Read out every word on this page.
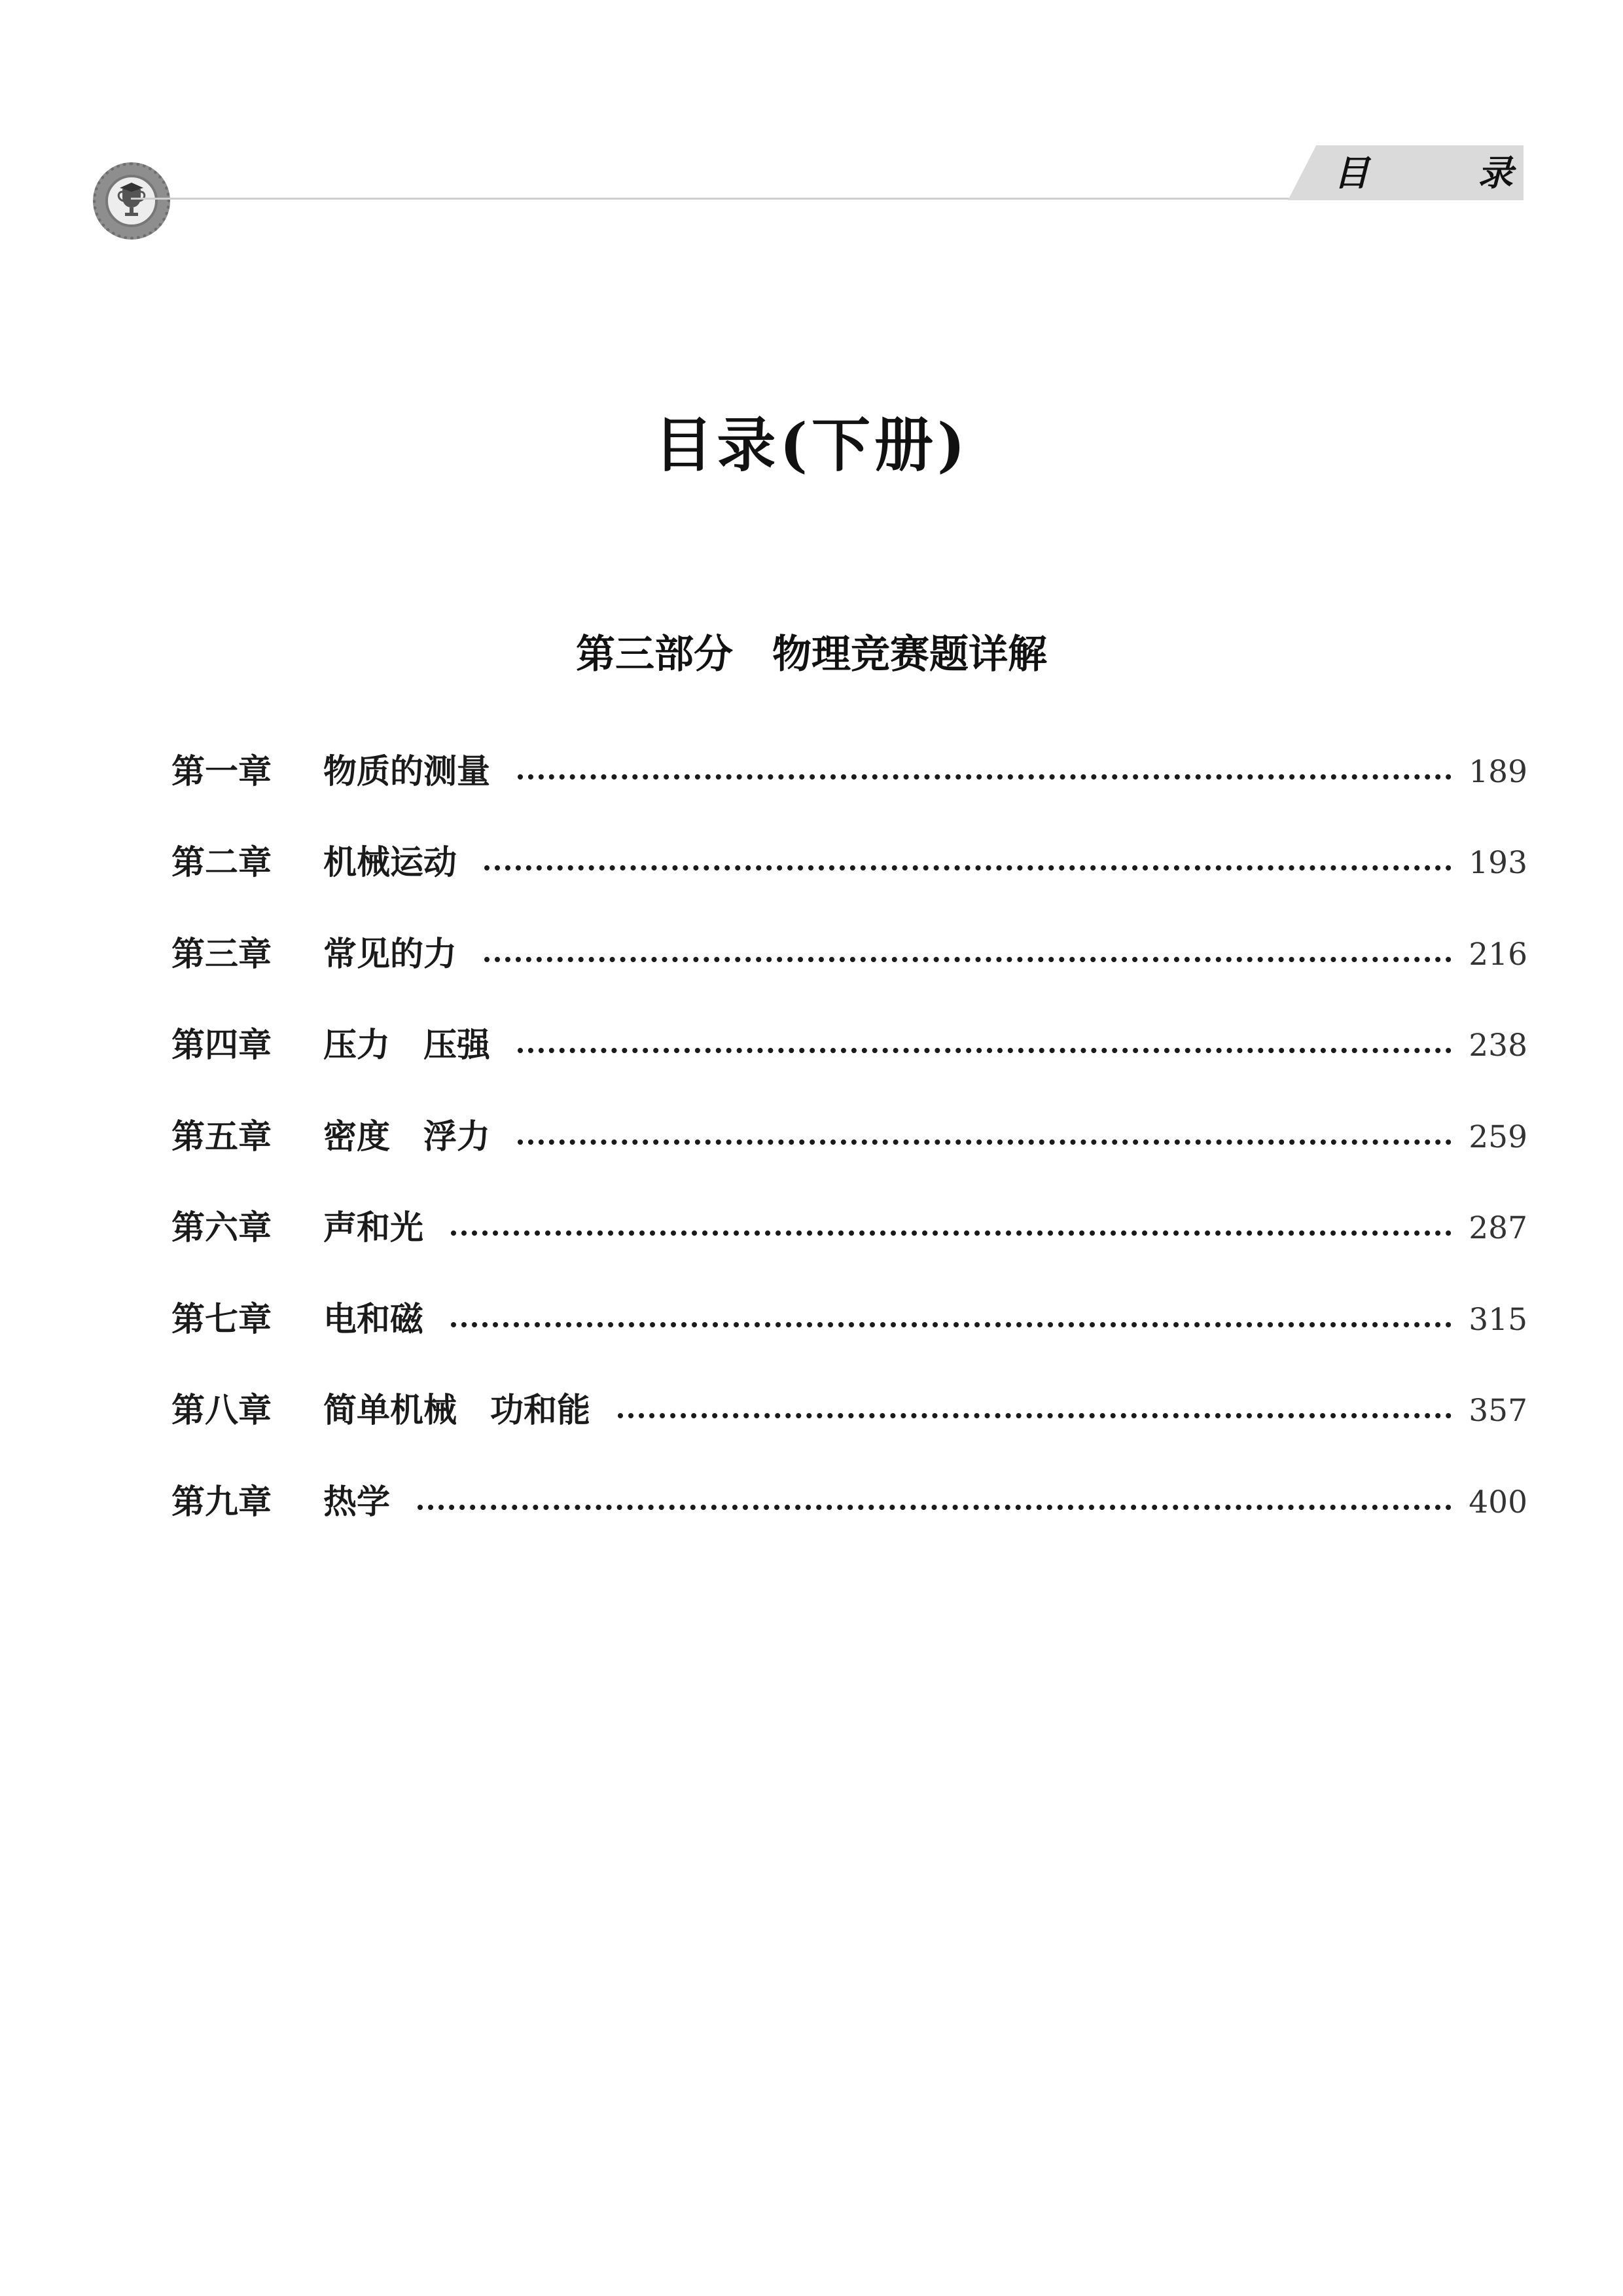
目	录
目录(下册)
第三部分　物理竞赛题详解
第一章	物质的测量	189
第二章	机械运动	193
第三章	常见的力	216
第四章	压力　压强	238
第五章	密度　浮力	259
第六章	声和光	287
第七章	电和磁	315
第八章	简单机械　功和能	357
第九章	热学	400
